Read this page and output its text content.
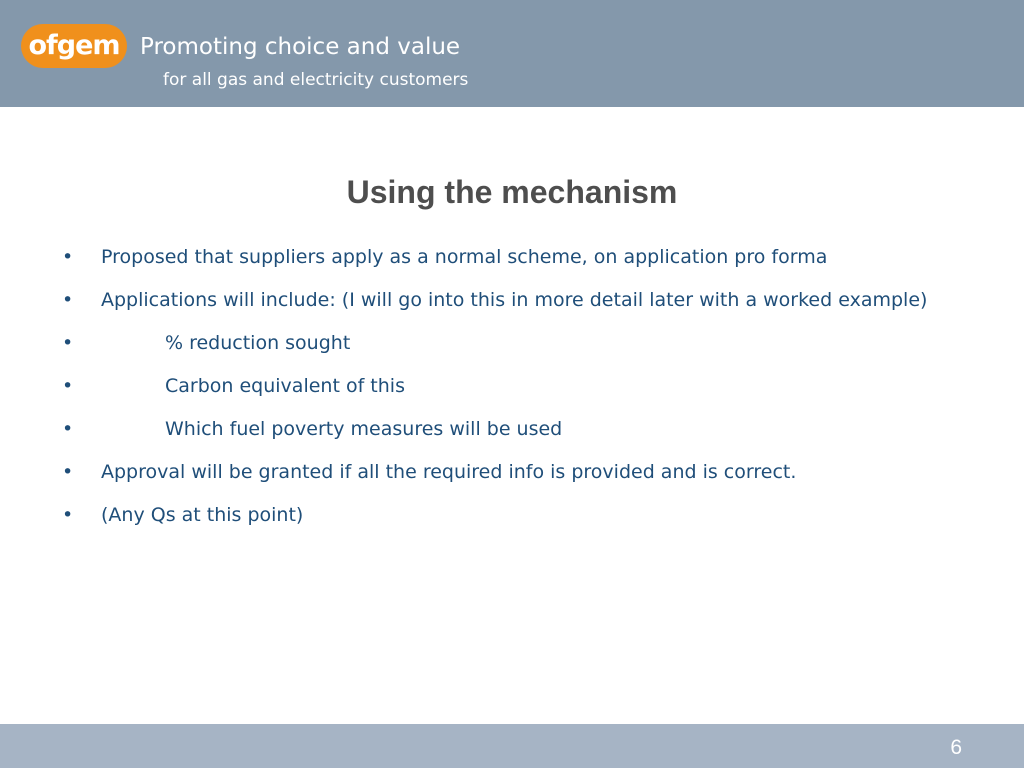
ofgem Promoting choice and value
for all gas and electricity customers
Using the mechanism
• Proposed that suppliers apply as a normal scheme, on application pro forma
• Applications will include: (I will go into this in more detail later with a worked example)
•	% reduction sought
•	Carbon equivalent of this
•	Which fuel poverty measures will be used
• Approval will be granted if all the required info is provided and is correct.
• (Any Qs at this point)
6
